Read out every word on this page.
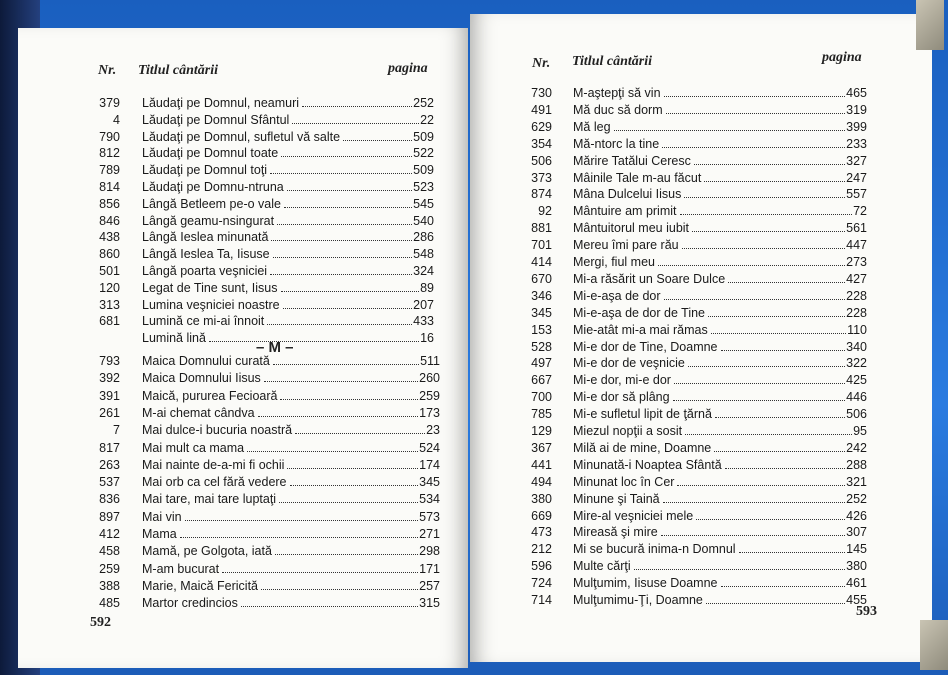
Nr. Titlul cântării	pagina
379 Lăudaţi pe Domnul, neamuri	252
4 Lăudaţi pe Domnul Sfântul	22
790 Lăudaţi pe Domnul, sufletul vă salte	509
812 Lăudaţi pe Domnul toate	522
789 Lăudaţi pe Domnul toţi	509
814 Lăudaţi pe Domnu-ntruna	523
856 Lângă Betleem pe-o vale	545
846 Lângă geamu-nsingurat	540
438 Lângă Ieslea minunată	286
860 Lângă Ieslea Ta, Iisuse	548
501 Lângă poarta veşniciei	324
120 Legat de Tine sunt, Iisus	89
313 Lumina veşniciei noastre	207
681 Lumină ce mi-ai înnoit	433
Lumină lină	16
– M –
793 Maica Domnului curată	511
392 Maica Domnului Iisus	260
391 Maică, pururea Fecioară	259
261 M-ai chemat cândva	173
7 Mai dulce-i bucuria noastră	23
817 Mai mult ca mama	524
263 Mai nainte de-a-mi fi ochii	174
537 Mai orb ca cel fără vedere	345
836 Mai tare, mai tare luptaţi	534
897 Mai vin	573
412 Mama	271
458 Mamă, pe Golgota, iată	298
259 M-am bucurat	171
388 Marie, Maică Fericită	257
485 Martor credincios	315
592
Nr. Titlul cântării	pagina
730 M-aştepţi să vin	465
491 Mă duc să dorm	319
629 Mă leg	399
354 Mă-ntorc la tine	233
506 Mărire Tatălui Ceresc	327
373 Mâinile Tale m-au făcut	247
874 Mâna Dulcelui Iisus	557
92 Mântuire am primit	72
881 Mântuitorul meu iubit	561
701 Mereu îmi pare rău	447
414 Mergi, fiul meu	273
670 Mi-a răsărit un Soare Dulce	427
346 Mi-e-aşa de dor	228
345 Mi-e-aşa de dor de Tine	228
153 Mie-atât mi-a mai rămas	110
528 Mi-e dor de Tine, Doamne	340
497 Mi-e dor de veşnicie	322
667 Mi-e dor, mi-e dor	425
700 Mi-e dor să plâng	446
785 Mi-e sufletul lipit de ţărnă	506
129 Miezul nopţii a sosit	95
367 Milă ai de mine, Doamne	242
441 Minunată-i Noaptea Sfântă	288
494 Minunat loc în Cer	321
380 Minune şi Taină	252
669 Mire-al veşniciei mele	426
473 Mireasă şi mire	307
212 Mi se bucură inima-n Domnul	145
596 Multe cărţi	380
724 Mulţumim, Iisuse Doamne	461
714 Mulţumimu-Ţi, Doamne	455
593
